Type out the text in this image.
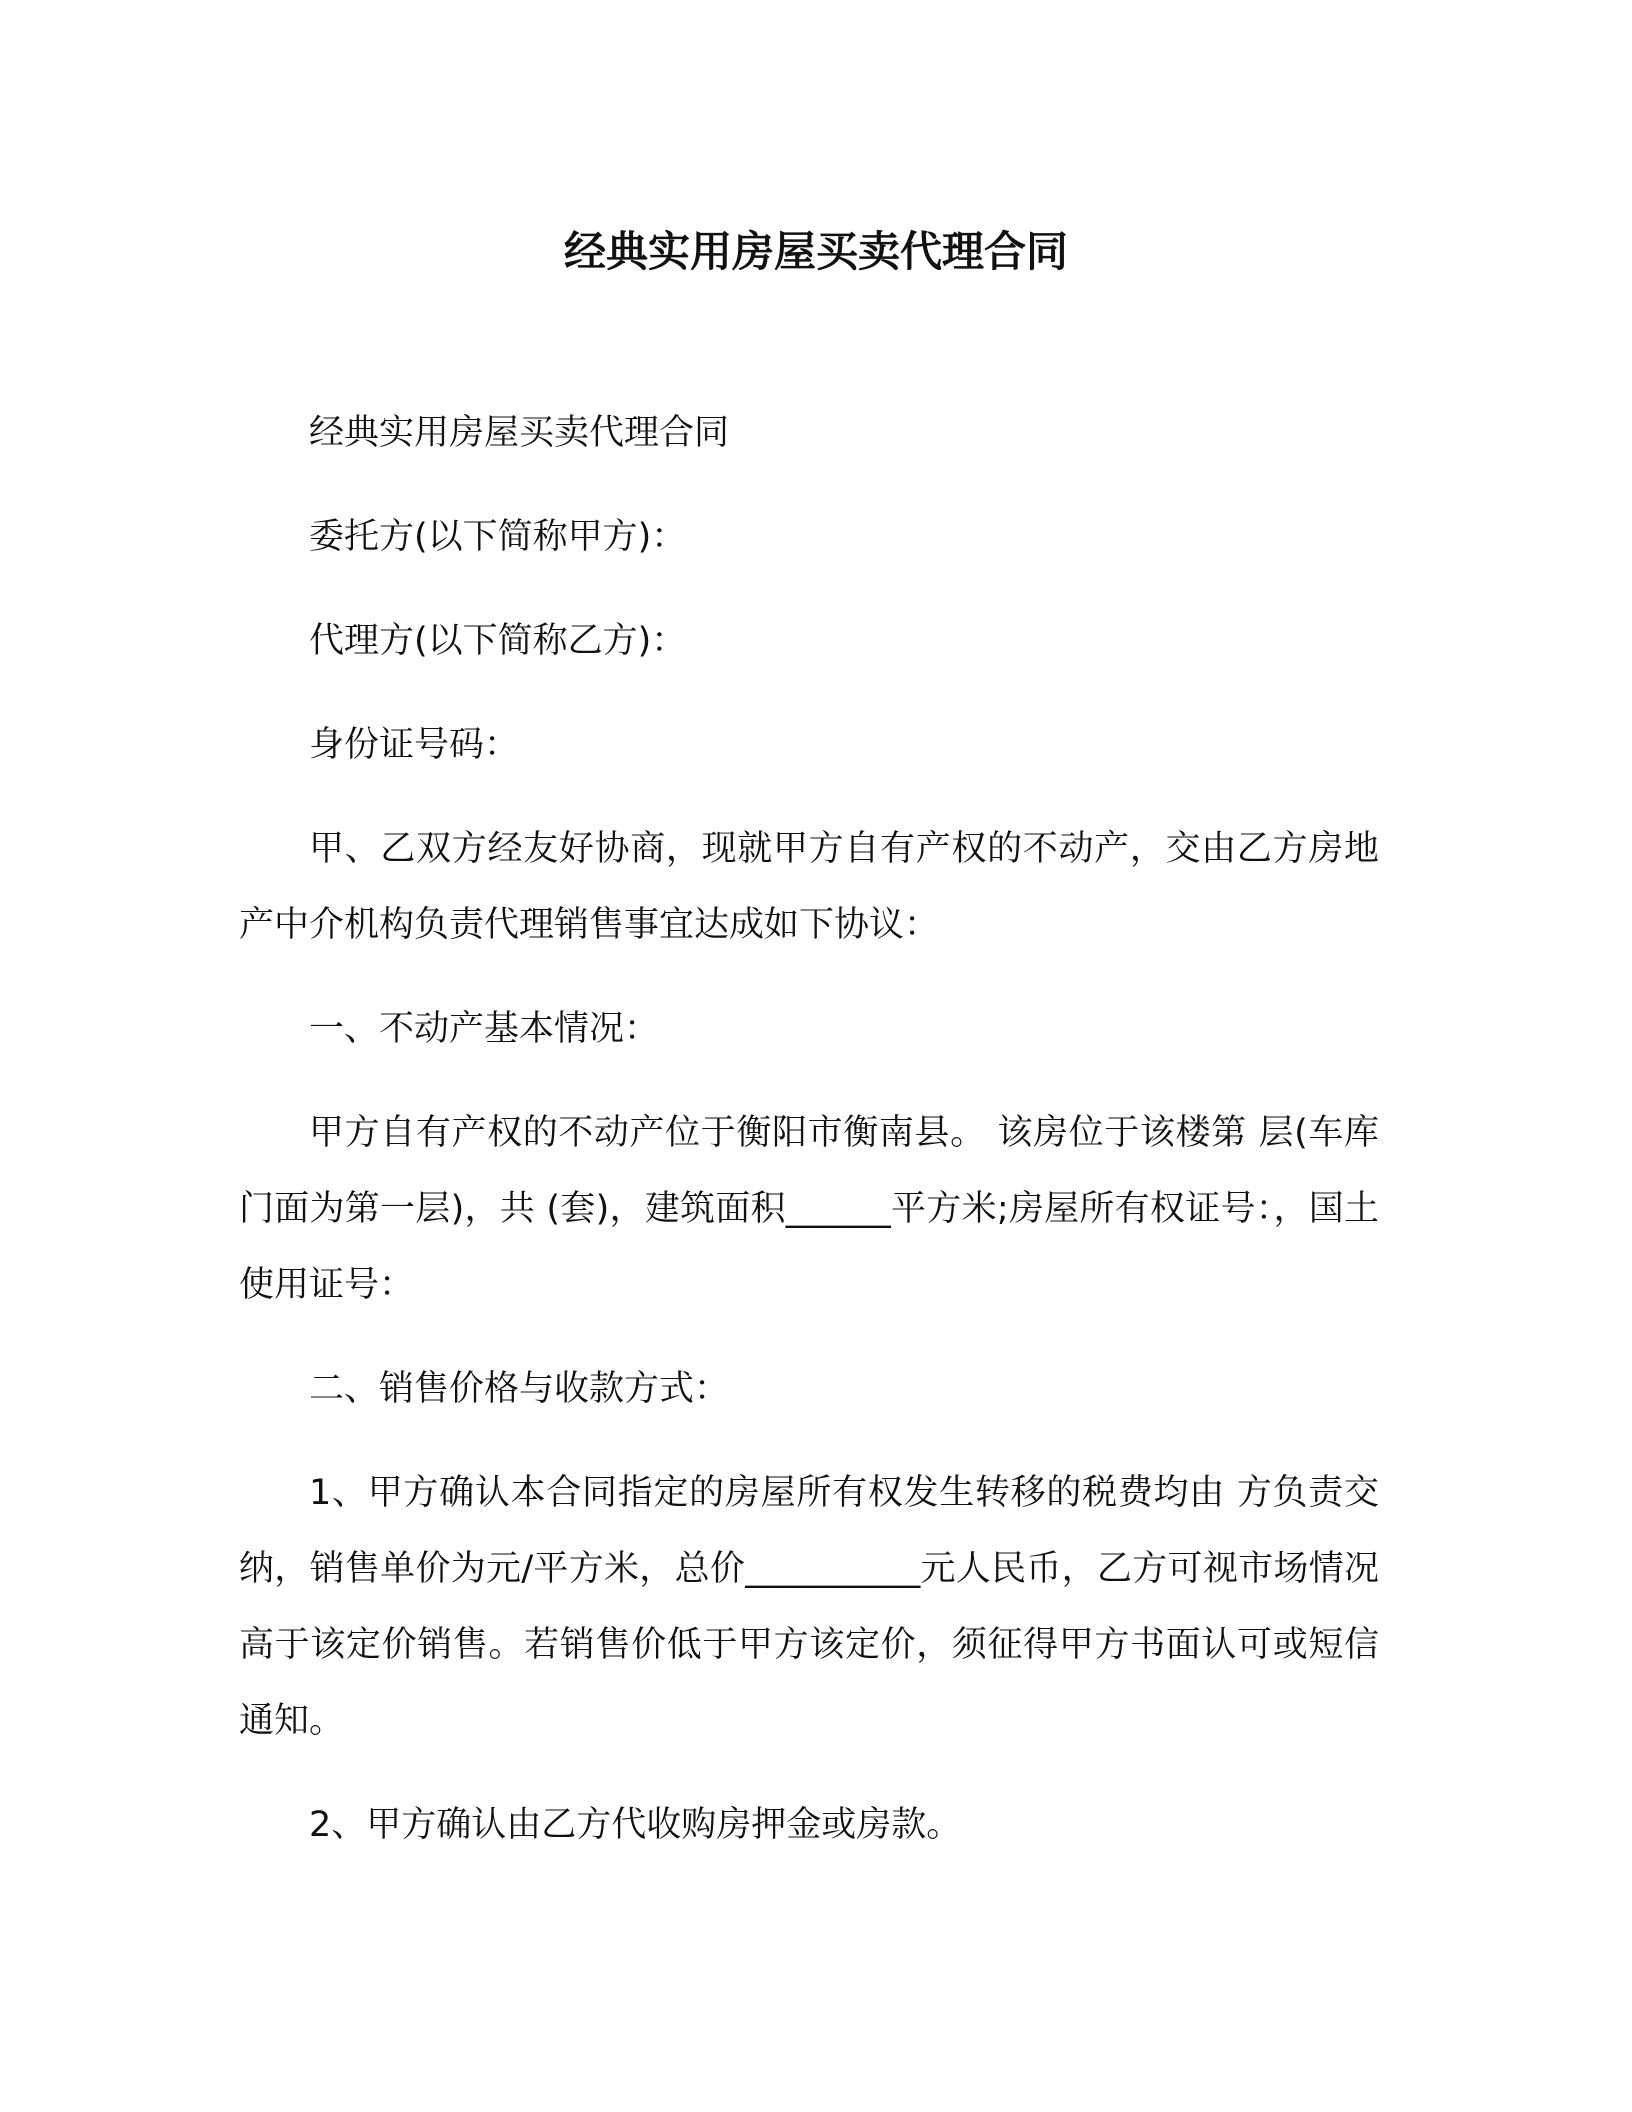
经典实用房屋买卖代理合同

经典实用房屋买卖代理合同

委托方(以下简称甲方)：

代理方(以下简称乙方)：

身份证号码：

甲、乙双方经友好协商，现就甲方自有产权的不动产，交由乙方房地产中介机构负责代理销售事宜达成如下协议：

一、不动产基本情况：

甲方自有产权的不动产位于衡阳市衡南县。 该房位于该楼第 层(车库门面为第一层)，共 (套)，建筑面积______平方米;房屋所有权证号：，国土使用证号：

二、销售价格与收款方式：

1、甲方确认本合同指定的房屋所有权发生转移的税费均由 方负责交纳，销售单价为元/平方米，总价__________元人民币，乙方可视市场情况高于该定价销售。若销售价低于甲方该定价，须征得甲方书面认可或短信通知。

2、甲方确认由乙方代收购房押金或房款。
